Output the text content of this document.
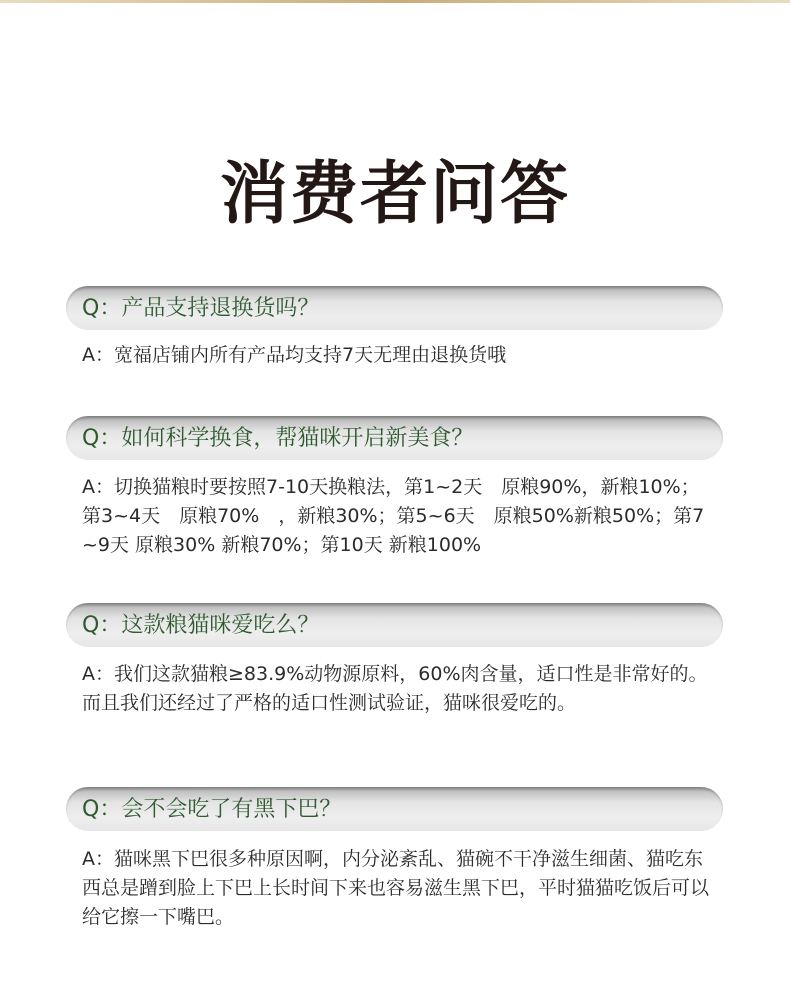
消费者问答
Q：产品支持退换货吗？
A：宽福店铺内所有产品均支持7天无理由退换货哦
Q：如何科学换食，帮猫咪开启新美食？
A：切换猫粮时要按照7-10天换粮法，第1~2天　原粮90%，新粮10%；第3~4天　原粮70%　，新粮30%；第5~6天　原粮50%新粮50%；第7~9天 原粮30% 新粮70%；第10天 新粮100%
Q：这款粮猫咪爱吃么？
A：我们这款猫粮≥83.9%动物源原料，60%肉含量，适口性是非常好的。而且我们还经过了严格的适口性测试验证，猫咪很爱吃的。
Q：会不会吃了有黑下巴？
A：猫咪黑下巴很多种原因啊，内分泌紊乱、猫碗不干净滋生细菌、猫吃东西总是蹭到脸上下巴上长时间下来也容易滋生黑下巴，平时猫猫吃饭后可以给它擦一下嘴巴。
